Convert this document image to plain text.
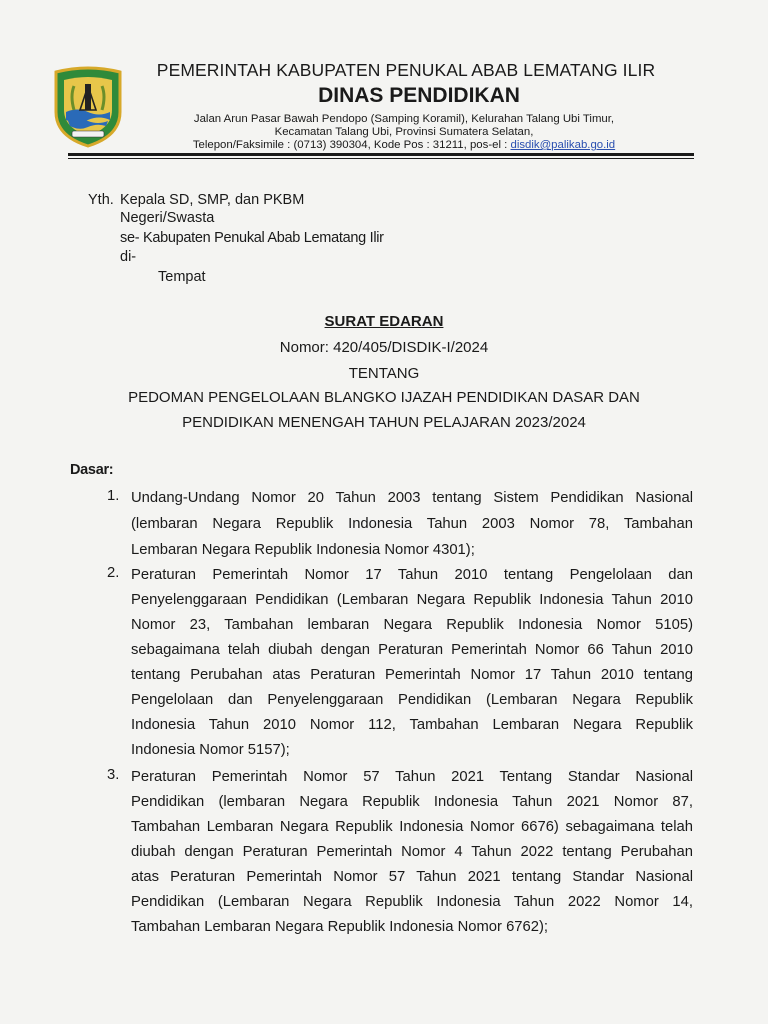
PEMERINTAH KABUPATEN PENUKAL ABAB LEMATANG ILIR
DINAS PENDIDIKAN
Jalan Arun Pasar Bawah Pendopo (Samping Koramil), Kelurahan Talang Ubi Timur,
Kecamatan Talang Ubi, Provinsi Sumatera Selatan,
Telepon/Faksimile : (0713) 390304, Kode Pos : 31211, pos-el : disdik@palikab.go.id
Yth. Kepala SD, SMP, dan PKBM
Negeri/Swasta
se- Kabupaten Penukal Abab Lematang Ilir
di-
Tempat
SURAT EDARAN
Nomor: 420/405/DISDIK-I/2024
TENTANG
PEDOMAN PENGELOLAAN BLANGKO IJAZAH PENDIDIKAN DASAR DAN
PENDIDIKAN MENENGAH TAHUN PELAJARAN 2023/2024
Dasar:
1. Undang-Undang Nomor 20 Tahun 2003 tentang Sistem Pendidikan Nasional
(lembaran Negara Republik Indonesia Tahun 2003 Nomor 78, Tambahan
Lembaran Negara Republik Indonesia Nomor 4301);
2. Peraturan Pemerintah Nomor 17 Tahun 2010 tentang Pengelolaan dan
Penyelenggaraan Pendidikan (Lembaran Negara Republik Indonesia Tahun 2010
Nomor 23, Tambahan lembaran Negara Republik Indonesia Nomor 5105)
sebagaimana telah diubah dengan Peraturan Pemerintah Nomor 66 Tahun 2010
tentang Perubahan atas Peraturan Pemerintah Nomor 17 Tahun 2010 tentang
Pengelolaan dan Penyelenggaraan Pendidikan (Lembaran Negara Republik
Indonesia Tahun 2010 Nomor 112, Tambahan Lembaran Negara Republik
Indonesia Nomor 5157);
3. Peraturan Pemerintah Nomor 57 Tahun 2021 Tentang Standar Nasional
Pendidikan (lembaran Negara Republik Indonesia Tahun 2021 Nomor 87,
Tambahan Lembaran Negara Republik Indonesia Nomor 6676) sebagaimana telah
diubah dengan Peraturan Pemerintah Nomor 4 Tahun 2022 tentang Perubahan
atas Peraturan Pemerintah Nomor 57 Tahun 2021 tentang Standar Nasional
Pendidikan (Lembaran Negara Republik Indonesia Tahun 2022 Nomor 14,
Tambahan Lembaran Negara Republik Indonesia Nomor 6762);
